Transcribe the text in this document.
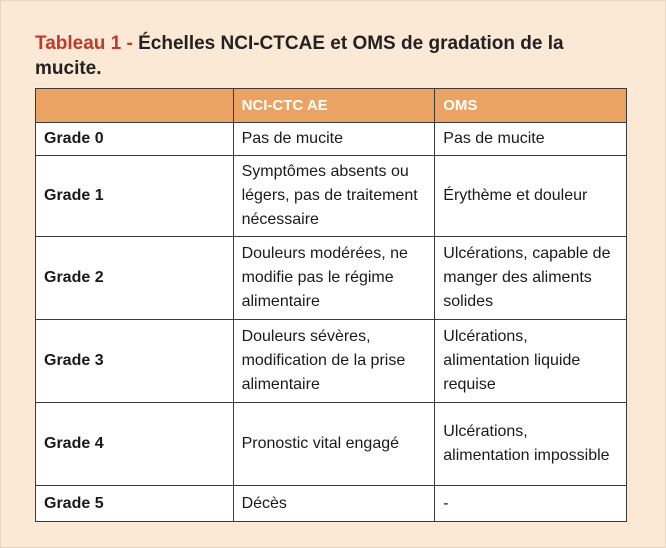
Tableau 1 - Échelles NCI-CTCAE et OMS de gradation de la mucite.
	NCI-CTC AE	OMS
Grade 0	Pas de mucite	Pas de mucite
Grade 1	Symptômes absents ou légers, pas de traitement nécessaire	Érythème et douleur
Grade 2	Douleurs modérées, ne modifie pas le régime alimentaire	Ulcérations, capable de manger des aliments solides
Grade 3	Douleurs sévères, modification de la prise alimentaire	Ulcérations, alimentation liquide requise
Grade 4	Pronostic vital engagé	Ulcérations, alimentation impossible
Grade 5	Décès	-
